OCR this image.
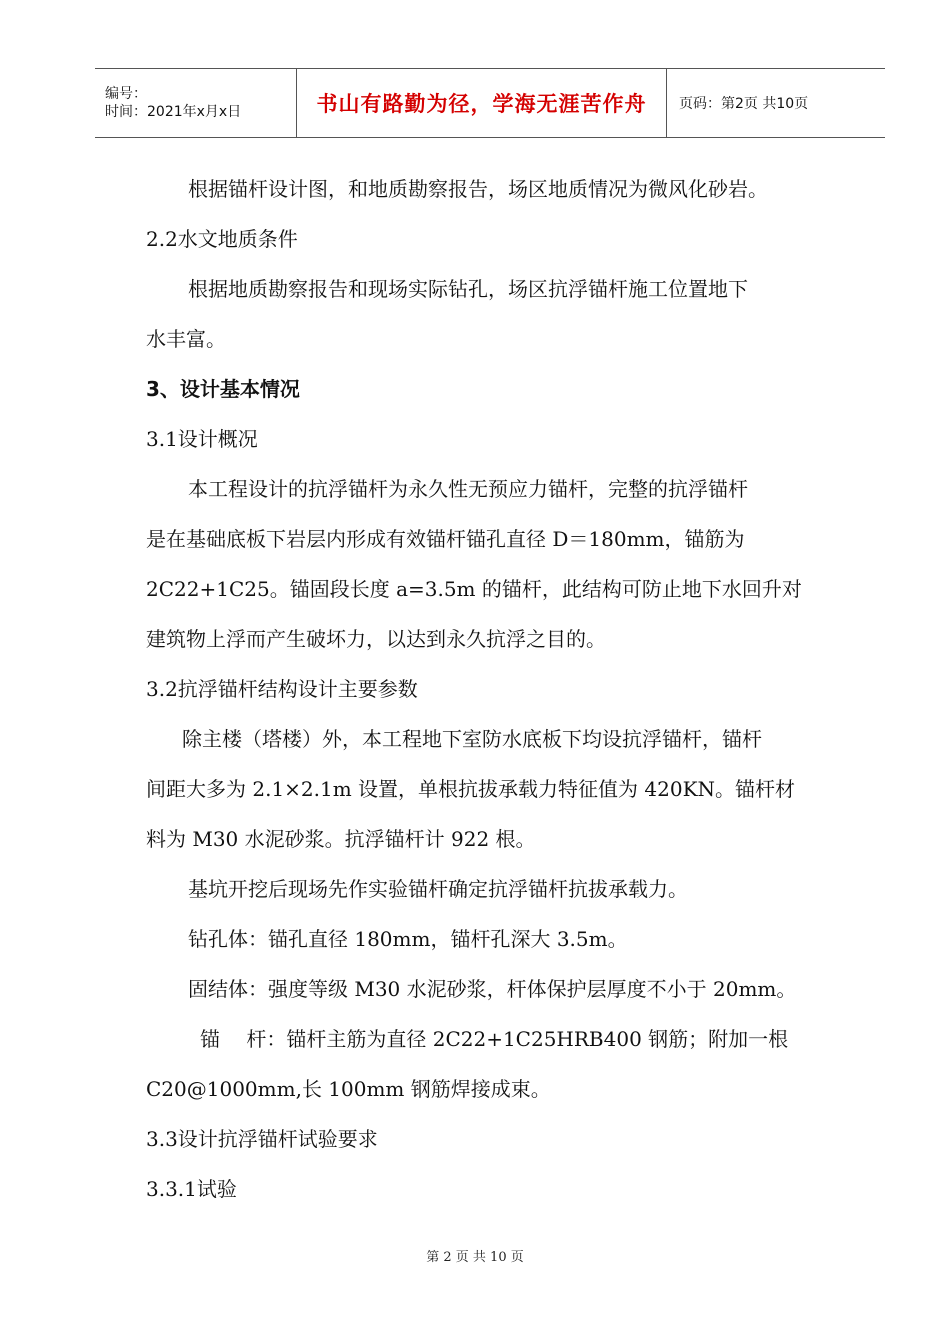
编号：
时间：2021年x月x日	书山有路勤为径，学海无涯苦作舟	页码：第2页 共10页
根据锚杆设计图，和地质勘察报告，场区地质情况为微风化砂岩。
2.2水文地质条件
根据地质勘察报告和现场实际钻孔，场区抗浮锚杆施工位置地下
水丰富。
3、设计基本情况
3.1设计概况
本工程设计的抗浮锚杆为永久性无预应力锚杆，完整的抗浮锚杆
是在基础底板下岩层内形成有效锚杆锚孔直径 D＝180mm，锚筋为
2C22+1C25。锚固段长度 a=3.5m 的锚杆，此结构可防止地下水回升对
建筑物上浮而产生破坏力，以达到永久抗浮之目的。
3.2抗浮锚杆结构设计主要参数
除主楼（塔楼）外，本工程地下室防水底板下均设抗浮锚杆，锚杆
间距大多为 2.1×2.1m 设置，单根抗拔承载力特征值为 420KN。锚杆材
料为 M30 水泥砂浆。抗浮锚杆计 922 根。
基坑开挖后现场先作实验锚杆确定抗浮锚杆抗拔承载力。
钻孔体：锚孔直径 180mm，锚杆孔深大 3.5m。
固结体：强度等级 M30 水泥砂浆，杆体保护层厚度不小于 20mm。
锚　 杆：锚杆主筋为直径 2C22+1C25HRB400 钢筋；附加一根
C20@1000mm,长 100mm 钢筋焊接成束。
3.3设计抗浮锚杆试验要求
3.3.1试验
第 2 页 共 10 页
